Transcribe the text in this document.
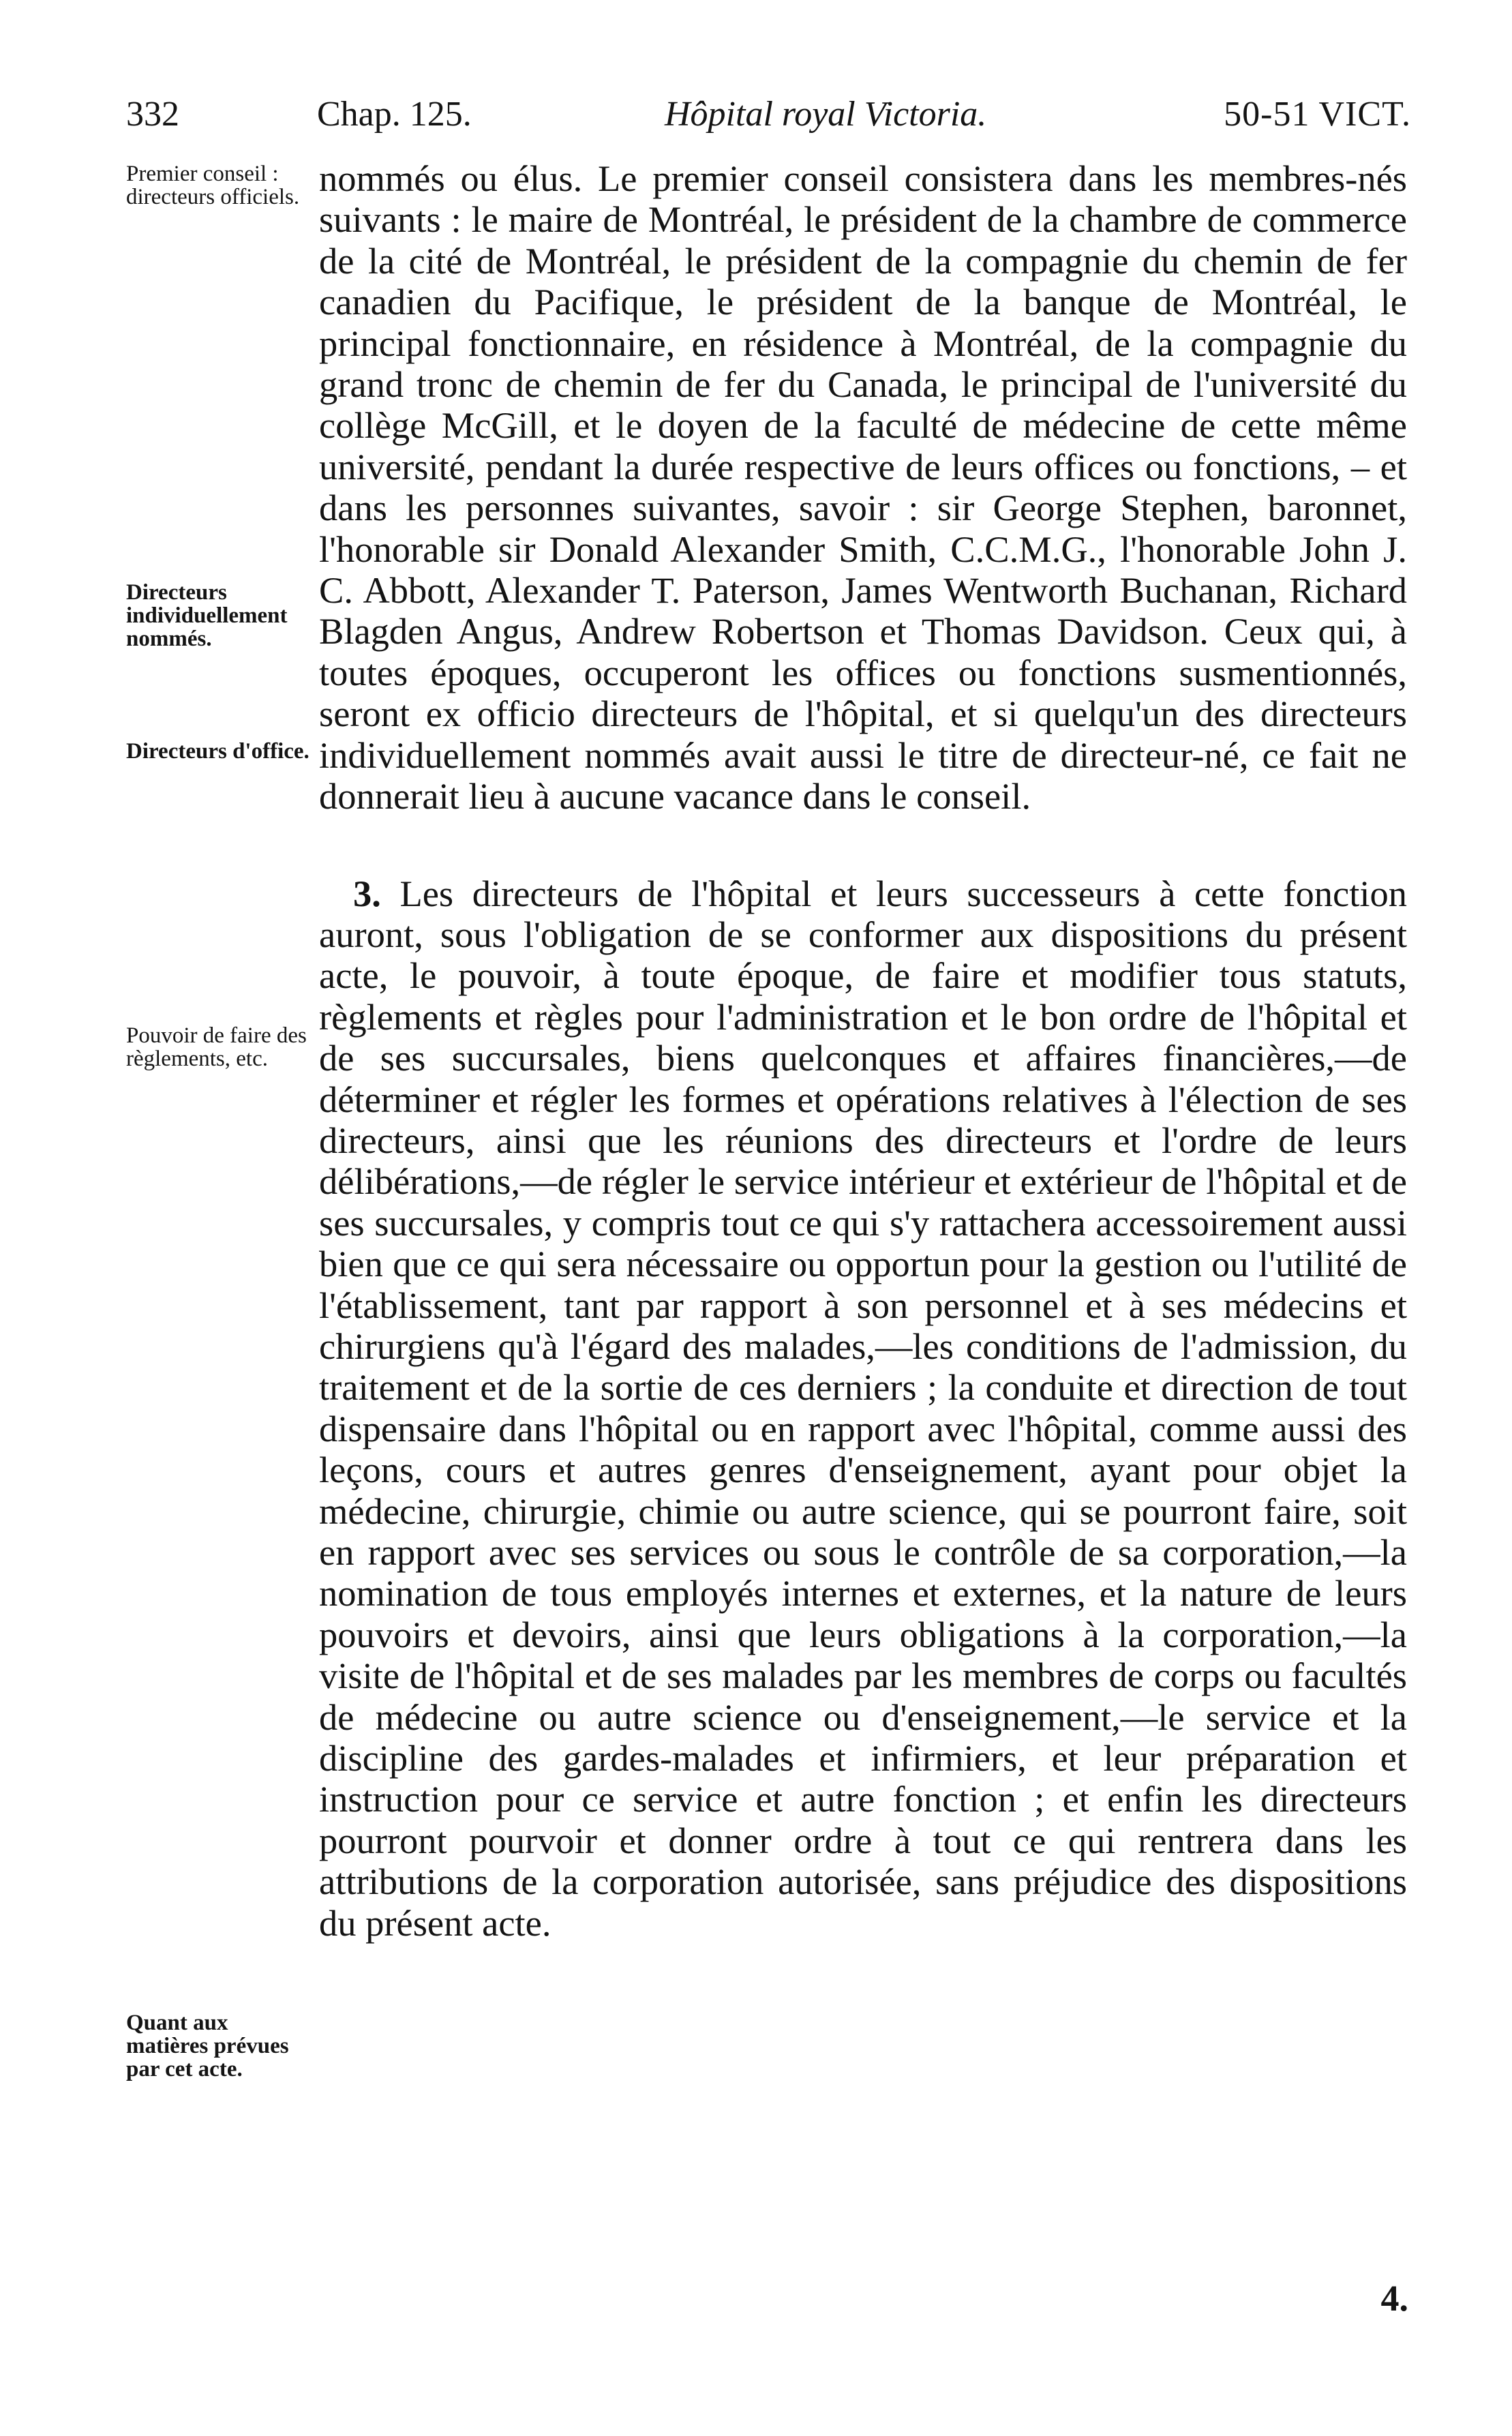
332	Chap. 125.	Hôpital royal Victoria.	50-51 VICT.
Premier conseil : directeurs officiels.
Directeurs individuellement nommés.
Directeurs d'office.
Pouvoir de faire des règlements, etc.
Quant aux matières prévues par cet acte.

nommés ou élus. Le premier conseil consistera dans les membres-nés suivants : le maire de Montréal, le président de la chambre de commerce de la cité de Montréal, le président de la compagnie du chemin de fer canadien du Pacifique, le président de la banque de Montréal, le principal fonctionnaire, en résidence à Montréal, de la compagnie du grand tronc de chemin de fer du Canada, le principal de l'université du collège McGill, et le doyen de la faculté de médecine de cette même université, pendant la durée respective de leurs offices ou fonctions, – et dans les personnes suivantes, savoir : sir George Stephen, baronnet, l'honorable sir Donald Alexander Smith, C.C.M.G., l'honorable John J. C. Abbott, Alexander T. Paterson, James Wentworth Buchanan, Richard Blagden Angus, Andrew Robertson et Thomas Davidson. Ceux qui, à toutes époques, occuperont les offices ou fonctions susmentionnés, seront ex officio directeurs de l'hôpital, et si quelqu'un des directeurs individuellement nommés avait aussi le titre de directeur-né, ce fait ne donnerait lieu à aucune vacance dans le conseil.

3. Les directeurs de l'hôpital et leurs successeurs à cette fonction auront, sous l'obligation de se conformer aux dispositions du présent acte, le pouvoir, à toute époque, de faire et modifier tous statuts, règlements et règles pour l'administration et le bon ordre de l'hôpital et de ses succursales, biens quelconques et affaires financières,—de déterminer et régler les formes et opérations relatives à l'élection de ses directeurs, ainsi que les réunions des directeurs et l'ordre de leurs délibérations,—de régler le service intérieur et extérieur de l'hôpital et de ses succursales, y compris tout ce qui s'y rattachera accessoirement aussi bien que ce qui sera nécessaire ou opportun pour la gestion ou l'utilité de l'établissement, tant par rapport à son personnel et à ses médecins et chirurgiens qu'à l'égard des malades,—les conditions de l'admission, du traitement et de la sortie de ces derniers ; la conduite et direction de tout dispensaire dans l'hôpital ou en rapport avec l'hôpital, comme aussi des leçons, cours et autres genres d'enseignement, ayant pour objet la médecine, chirurgie, chimie ou autre science, qui se pourront faire, soit en rapport avec ses services ou sous le contrôle de sa corporation,—la nomination de tous employés internes et externes, et la nature de leurs pouvoirs et devoirs, ainsi que leurs obligations à la corporation,—la visite de l'hôpital et de ses malades par les membres de corps ou facultés de médecine ou autre science ou d'enseignement,—le service et la discipline des gardes-malades et infirmiers, et leur préparation et instruction pour ce service et autre fonction ; et enfin les directeurs pourront pourvoir et donner ordre à tout ce qui rentrera dans les attributions de la corporation autorisée, sans préjudice des dispositions du présent acte.

4.
